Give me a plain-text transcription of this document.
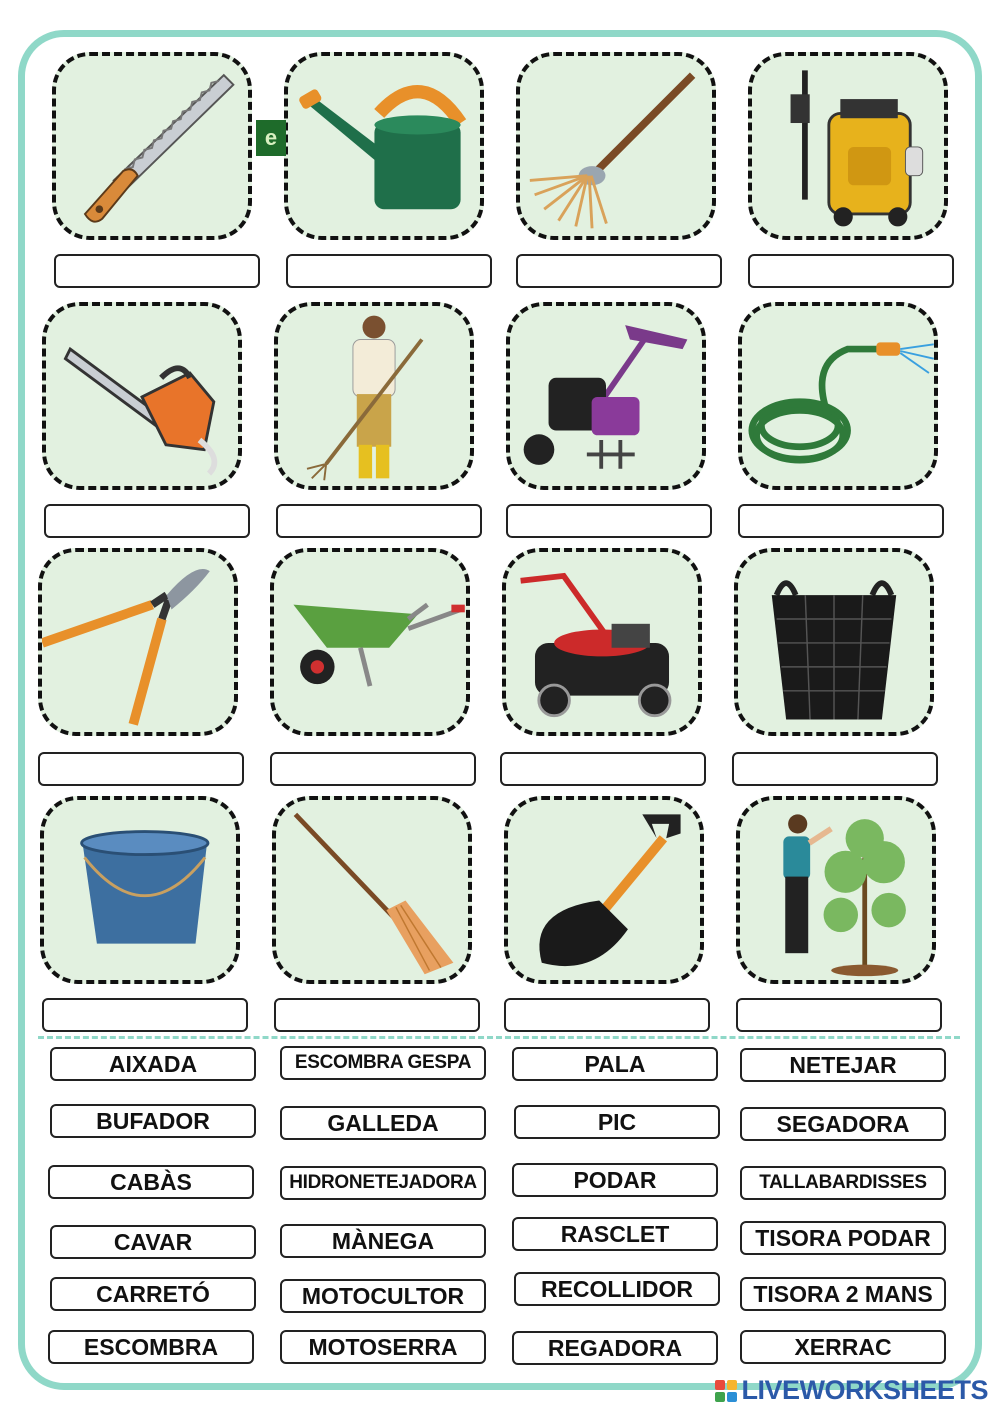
e
AIXADA	ESCOMBRA GESPA	PALA	NETEJAR
BUFADOR	GALLEDA	PIC	SEGADORA
CABÀS	HIDRONETEJADORA	PODAR	TALLABARDISSES
CAVAR	MÀNEGA	RASCLET	TISORA PODAR
CARRETÓ	MOTOCULTOR	RECOLLIDOR	TISORA 2 MANS
ESCOMBRA	MOTOSERRA	REGADORA	XERRAC
LIVEWORKSHEETS
